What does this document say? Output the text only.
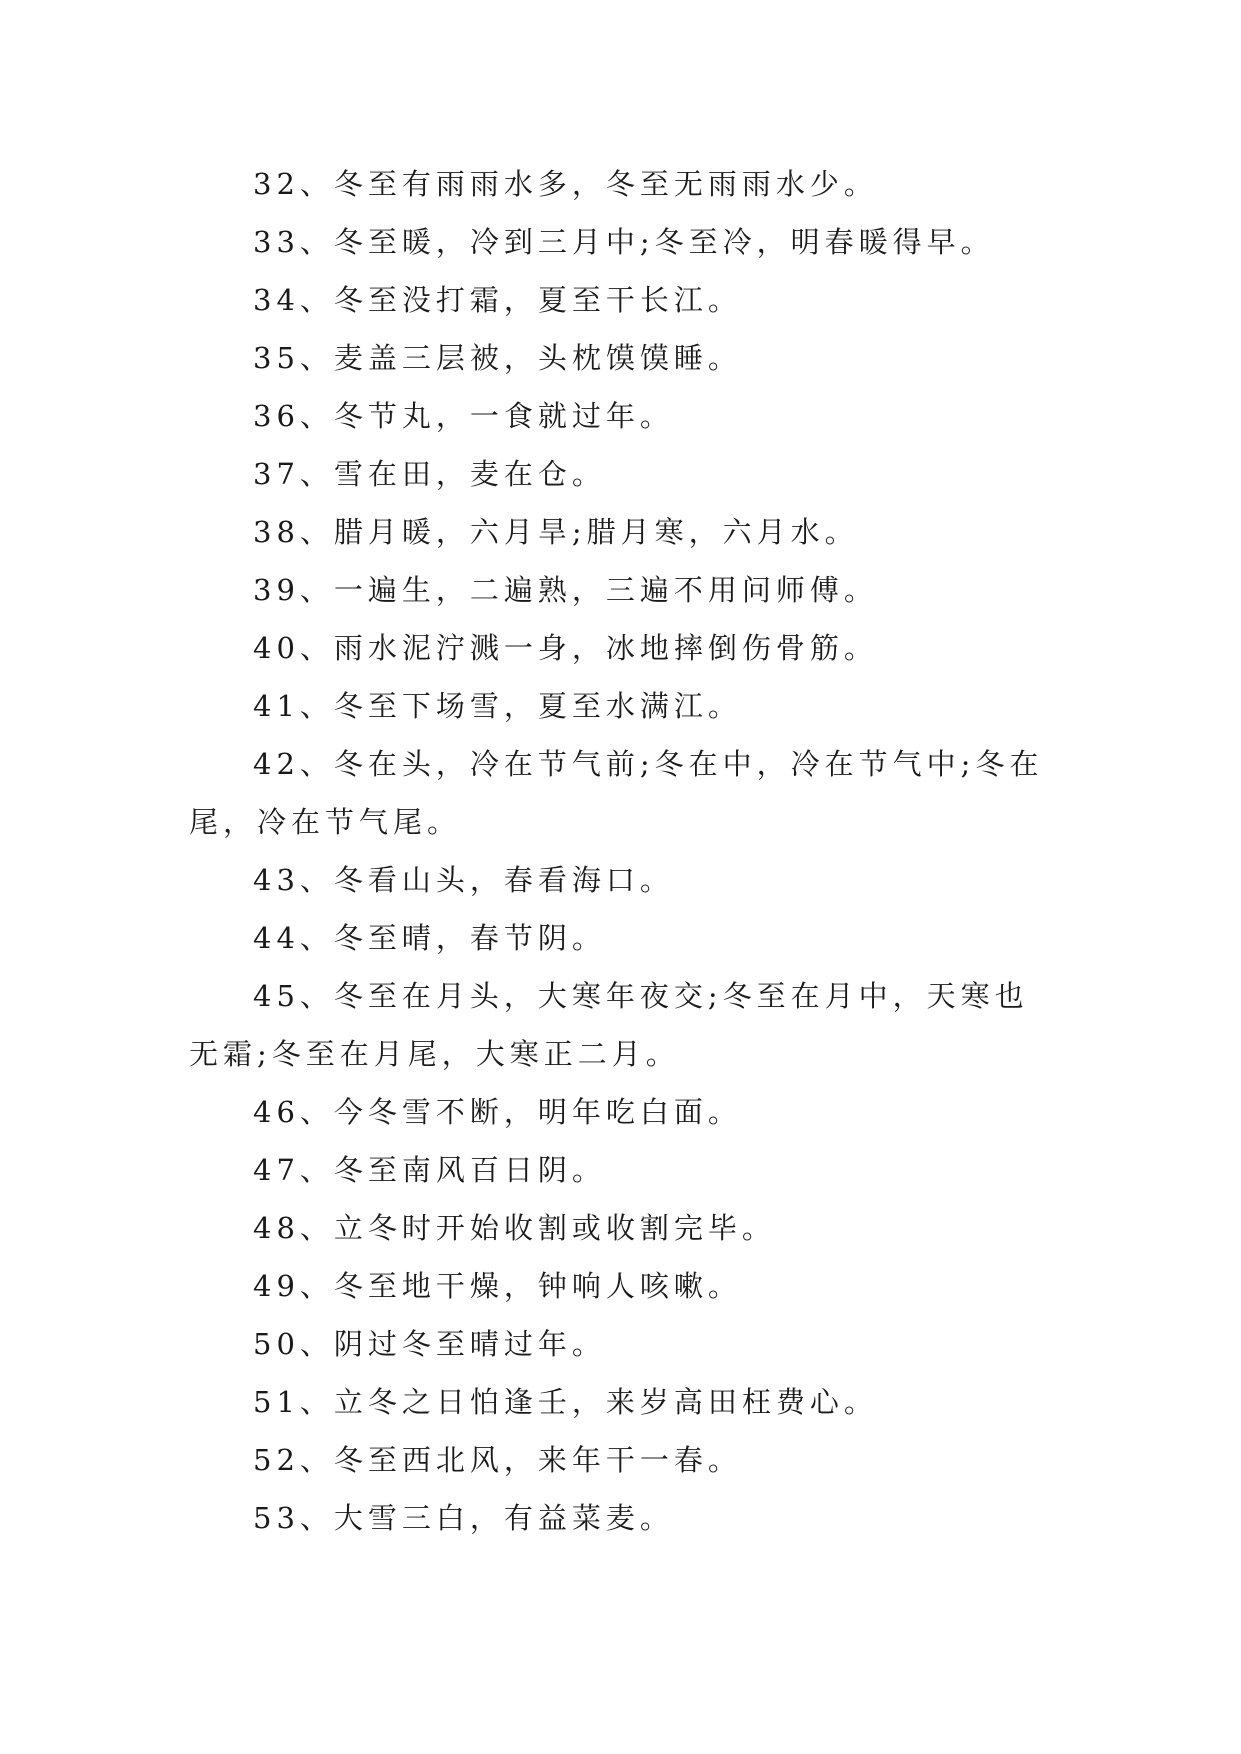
32、冬至有雨雨水多，冬至无雨雨水少。

33、冬至暖，冷到三月中;冬至冷，明春暖得早。

34、冬至没打霜，夏至干长江。

35、麦盖三层被，头枕馍馍睡。

36、冬节丸，一食就过年。

37、雪在田，麦在仓。

38、腊月暖，六月旱;腊月寒，六月水。

39、一遍生，二遍熟，三遍不用问师傅。

40、雨水泥泞溅一身，冰地摔倒伤骨筋。

41、冬至下场雪，夏至水满江。

42、冬在头，冷在节气前;冬在中，冷在节气中;冬在尾，冷在节气尾。

43、冬看山头，春看海口。

44、冬至晴，春节阴。

45、冬至在月头，大寒年夜交;冬至在月中，天寒也无霜;冬至在月尾，大寒正二月。

46、今冬雪不断，明年吃白面。

47、冬至南风百日阴。

48、立冬时开始收割或收割完毕。

49、冬至地干燥，钟响人咳嗽。

50、阴过冬至晴过年。

51、立冬之日怕逢壬，来岁高田枉费心。

52、冬至西北风，来年干一春。

53、大雪三白，有益菜麦。
